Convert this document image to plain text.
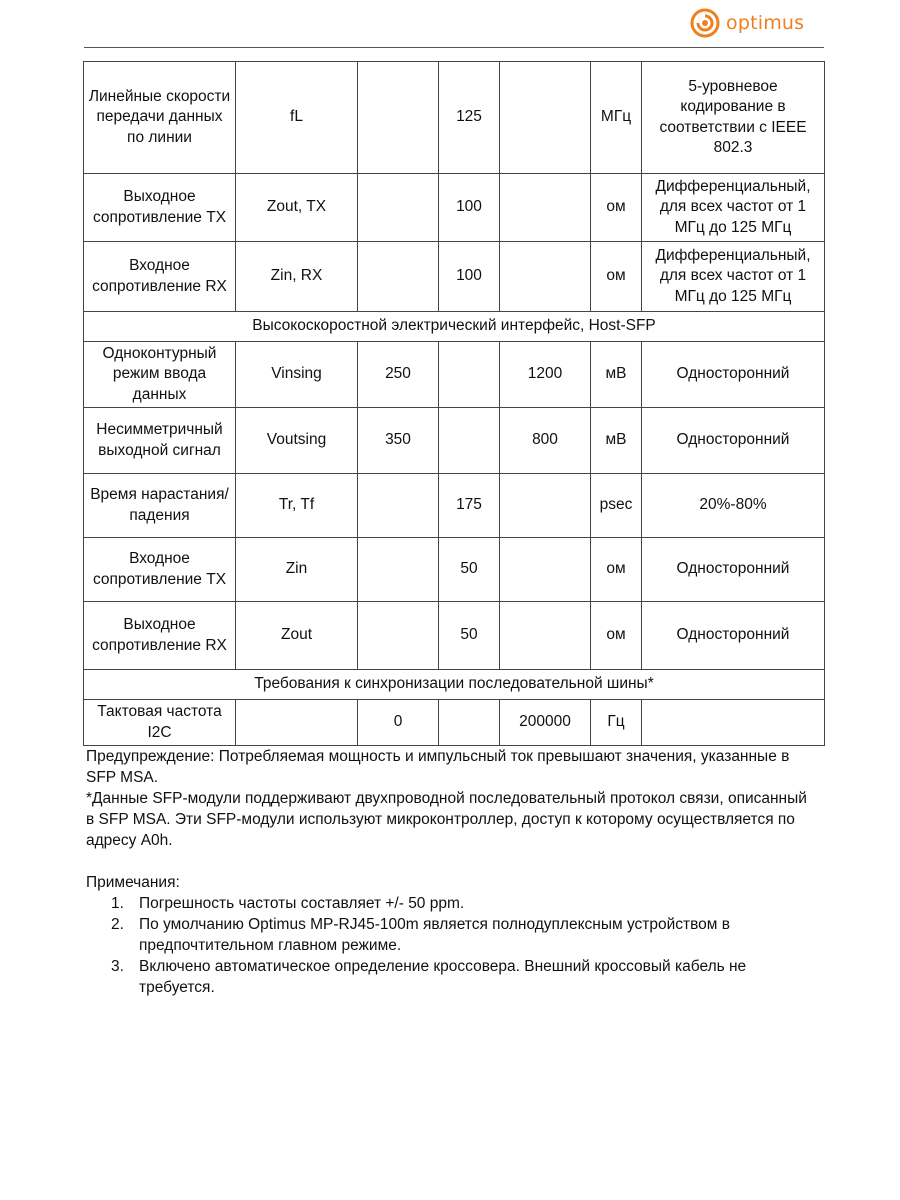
optimus
Линейные скорости передачи данных по линии	fL		125		МГц	5-уровневое кодирование в соответствии с IEEE 802.3
Выходное сопротивление TX	Zout, TX		100		ом	Дифференциальный, для всех частот от 1 МГц до 125 МГц
Входное сопротивление RX	Zin, RX		100		ом	Дифференциальный, для всех частот от 1 МГц до 125 МГц
Высокоскоростной электрический интерфейс, Host-SFP						
Одноконтурный режим ввода данных	Vinsing	250		1200	мВ	Односторонний
Несимметричный выходной сигнал	Voutsing	350		800	мВ	Односторонний
Время нарастания/падения	Tr, Tf		175		psec	20%-80%
Входное сопротивление TX	Zin		50		ом	Односторонний
Выходное сопротивление RX	Zout		50		ом	Односторонний
Требования к синхронизации последовательной шины*						
Тактовая частота I2C		0		200000	Гц	

Предупреждение: Потребляемая мощность и импульсный ток превышают значения, указанные в SFP MSA.

*Данные SFP-модули поддерживают двухпроводной последовательный протокол связи, описанный в SFP MSA. Эти SFP-модули используют микроконтроллер, доступ к которому осуществляется по адресу A0h.

Примечания:

1. Погрешность частоты составляет +/- 50 ppm.
2. По умолчанию Optimus MP-RJ45-100m является полнодуплексным устройством в предпочтительном главном режиме.
3. Включено автоматическое определение кроссовера. Внешний кроссовый кабель не требуется.
